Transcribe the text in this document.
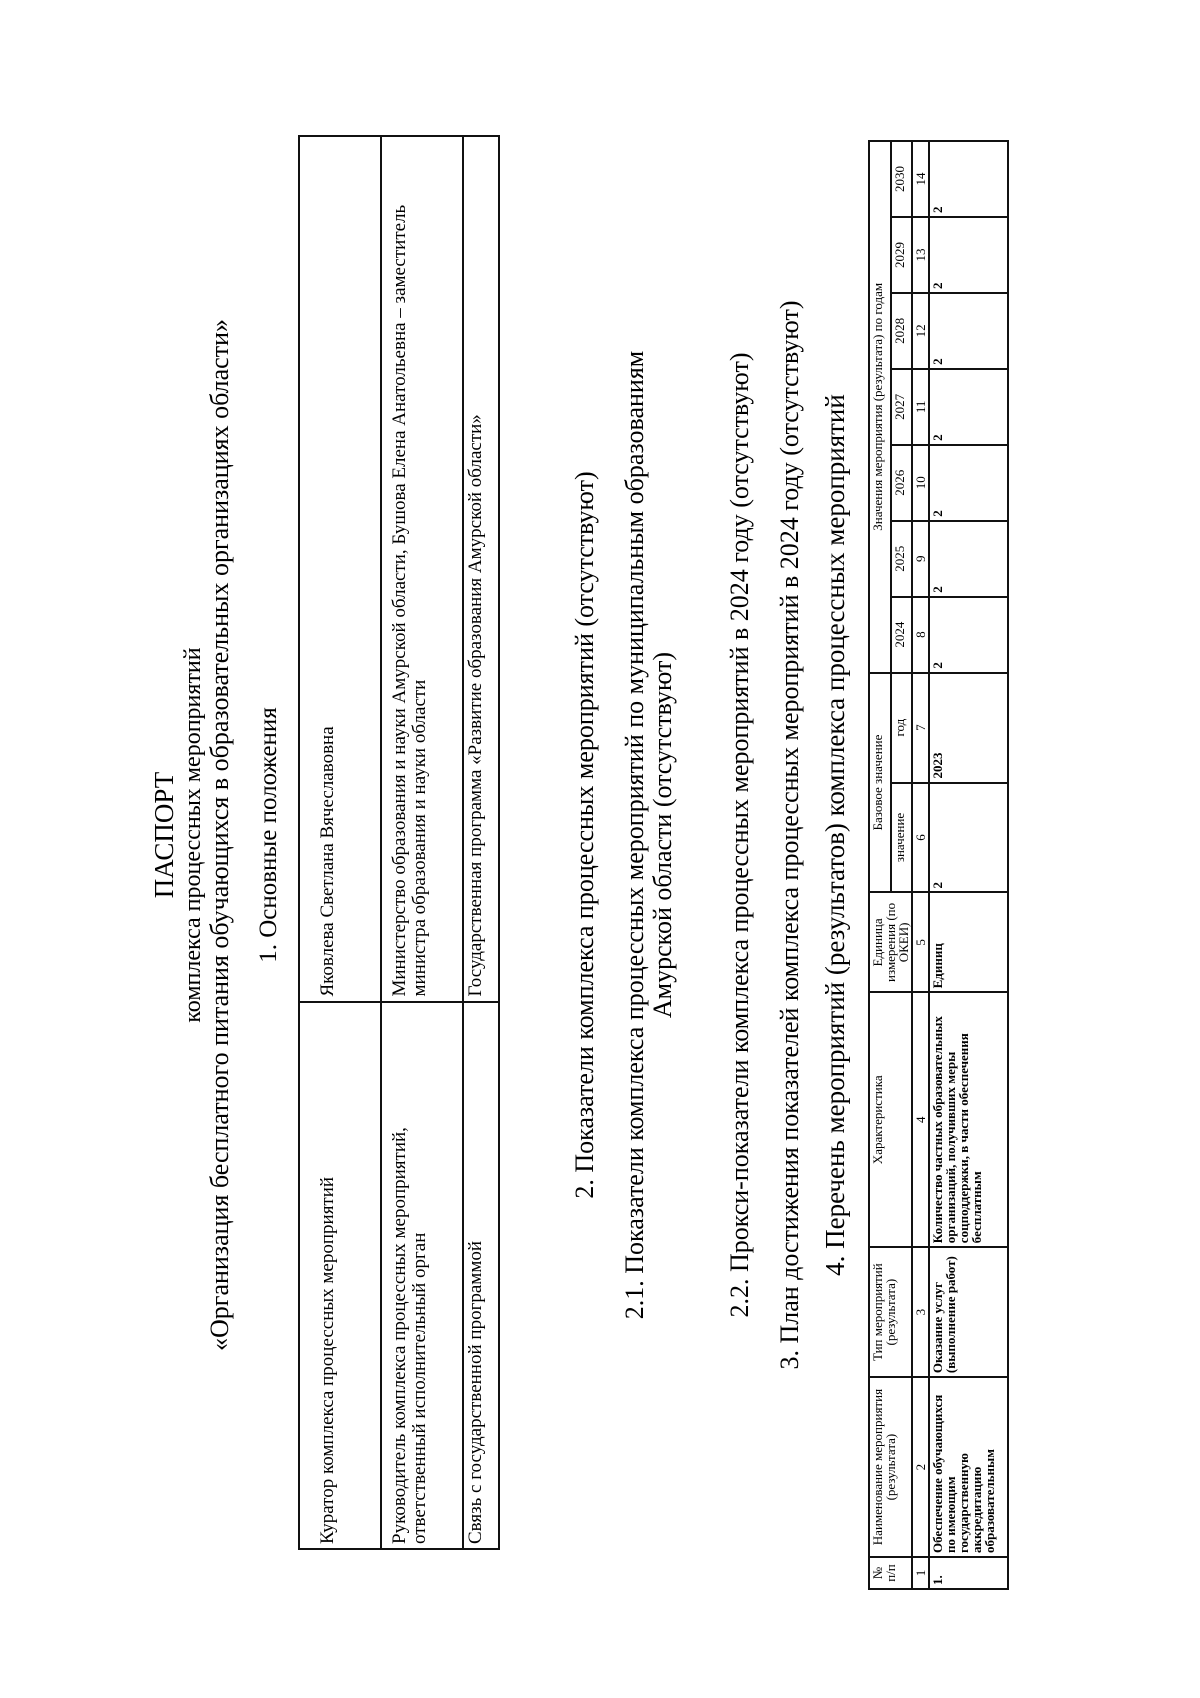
ПАСПОРТ комплекса процессных мероприятий «Организация бесплатного питания обучающихся в образовательных организациях области» 1. Основные положения
Куратор комплекса процессных мероприятий	Яковлева Светлана Вячеславовна
Руководитель комплекса процессных мероприятий, ответственный исполнительный орган	Министерство образования и науки Амурской области, Бушова Елена Анатольевна – заместитель министра образования и науки области
Связь с государственной программой	Государственная программа «Развитие образования Амурской области»	2. Показатели комплекса процессных мероприятий (отсутствуют) 2.1. Показатели комплекса процессных мероприятий по муниципальным образованиям Амурской области (отсутствуют) 2.2. Прокси-показатели комплекса процессных мероприятий в 2024 году (отсутствуют) 3. План достижения показателей комплекса процессных мероприятий в 2024 году (отсутствуют) 4. Перечень мероприятий (результатов) комплекса процессных мероприятий
№ п/п	Наименование мероприятия (результата)	Тип мероприятий (результата)	Характеристика	Единица измерения (по ОКЕИ)	Базовое значение		Значения мероприятия (результата) по годам						
					значение	год	2024	2025	2026	2027	2028	2029	2030
1	2	3	4	5	6	7	8	9	10	11	12	13	14
1.	Обеспечение обучающихся по имеющим государственную аккредитацию образовательным	Оказание услуг (выполнение работ)	Количество частных образовательных организаций, получивших меры соцподдержки, в части обеспечения бесплатным	Единиц	2	2023	2	2	2	2	2	2	2
